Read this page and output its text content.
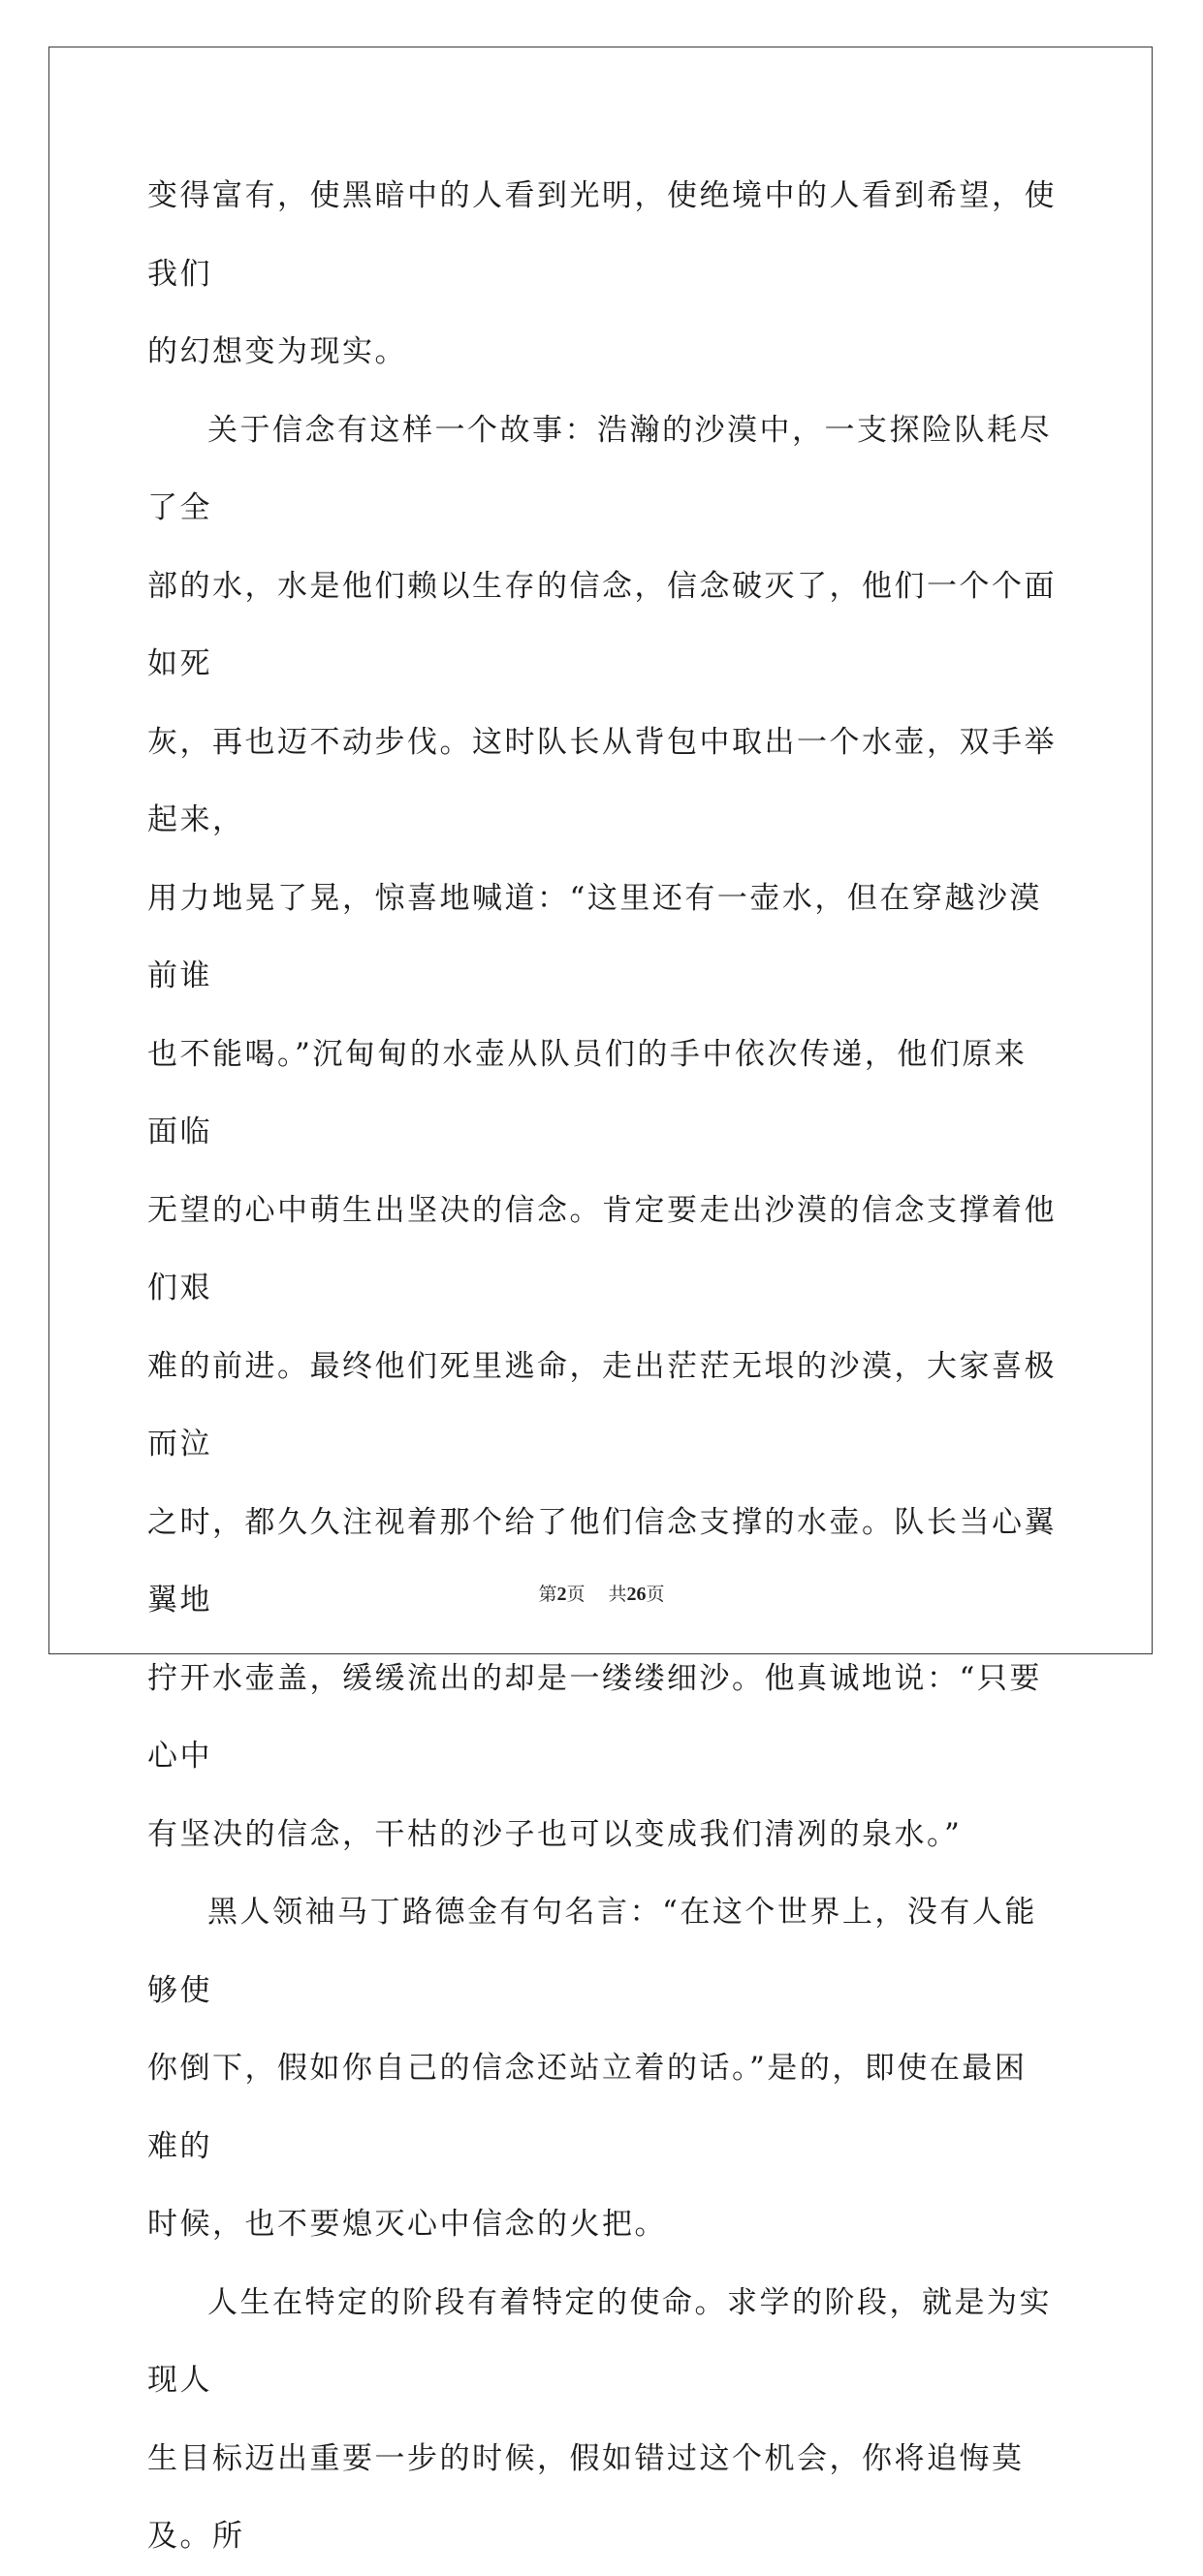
变得富有，使黑暗中的人看到光明，使绝境中的人看到希望，使我们
的幻想变为现实。

关于信念有这样一个故事：浩瀚的沙漠中，一支探险队耗尽了全
部的水，水是他们赖以生存的信念，信念破灭了，他们一个个面如死
灰，再也迈不动步伐。这时队长从背包中取出一个水壶，双手举起来，
用力地晃了晃，惊喜地喊道：“这里还有一壶水，但在穿越沙漠前谁
也不能喝。”沉甸甸的水壶从队员们的手中依次传递，他们原来面临
无望的心中萌生出坚决的信念。肯定要走出沙漠的信念支撑着他们艰
难的前进。最终他们死里逃命，走出茫茫无垠的沙漠，大家喜极而泣
之时，都久久注视着那个给了他们信念支撑的水壶。队长当心翼翼地
拧开水壶盖，缓缓流出的却是一缕缕细沙。他真诚地说：“只要心中
有坚决的信念，干枯的沙子也可以变成我们清冽的泉水。”

黑人领袖马丁路德金有句名言：“在这个世界上，没有人能够使
你倒下，假如你自己的信念还站立着的话。”是的，即使在最困难的
时候，也不要熄灭心中信念的火把。

人生在特定的阶段有着特定的使命。求学的阶段，就是为实现人
生目标迈出重要一步的时候，假如错过这个机会，你将追悔莫及。所

第2页 共26页
